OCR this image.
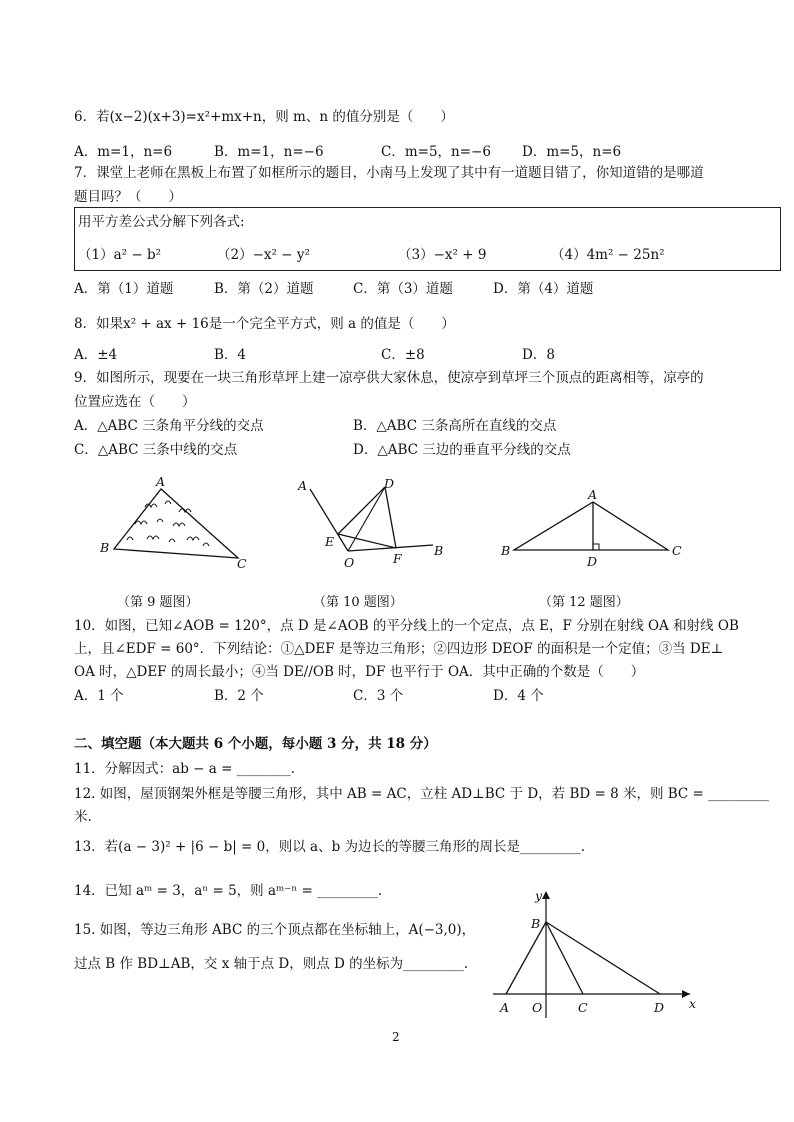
6．若(x−2)(x+3)=x²+mx+n，则 m、n 的值分别是（　　）
A．m=1，n=6	B．m=1，n=−6	C．m=5，n=−6 D．m=5，n=6
7．课堂上老师在黑板上布置了如框所示的题目，小南马上发现了其中有一道题目错了，你知道错的是哪道
题目吗？（　　）
用平方差公式分解下列各式:
（1）a² − b²	（2）−x² − y²	（3）−x² + 9	（4）4m² − 25n²
A．第（1）道题	B．第（2）道题	C．第（3）道题	D．第（4）道题
8．如果x² + ax + 16是一个完全平方式，则 a 的值是（　　）
A．±4	B．4	C．±8	D．8
9．如图所示，现要在一块三角形草坪上建一凉亭供大家休息，使凉亭到草坪三个顶点的距离相等，凉亭的
位置应选在（　　）
A．△ABC 三条角平分线的交点	B．△ABC 三条高所在直线的交点
C．△ABC 三条中线的交点	D．△ABC 三边的垂直平分线的交点
A
B
C
A	D
E
O	F
B
A
B
D
C
（第 9 题图）	（第 10 题图）	（第 12 题图）
10．如图，已知∠AOB = 120°，点 D 是∠AOB 的平分线上的一个定点，点 E，F 分别在射线 OA 和射线 OB
上，且∠EDF = 60°．下列结论：①△DEF 是等边三角形；②四边形 DEOF 的面积是一个定值；③当 DE⊥
OA 时，△DEF 的周长最小；④当 DE//OB 时，DF 也平行于 OA．其中正确的个数是（　　）
A．1 个	B．2 个	C．3 个	D．4 个
二、填空题（本大题共 6 个小题，每小题 3 分，共 18 分）
11．分解因式：ab − a = ________.
12. 如图，屋顶钢架外框是等腰三角形，其中 AB = AC，立柱 AD⊥BC 于 D，若 BD = 8 米，则 BC = _________
米.
13．若(a − 3)² + |6 − b| = 0，则以 a、b 为边长的等腰三角形的周长是_________.
14．已知 aᵐ = 3，aⁿ = 5，则 aᵐ⁻ⁿ = _________.
15. 如图，等边三角形 ABC 的三个顶点都在坐标轴上，A(−3,0)，
过点 B 作 BD⊥AB，交 x 轴于点 D，则点 D 的坐标为_________.
y
B
A O	C	D x
2
